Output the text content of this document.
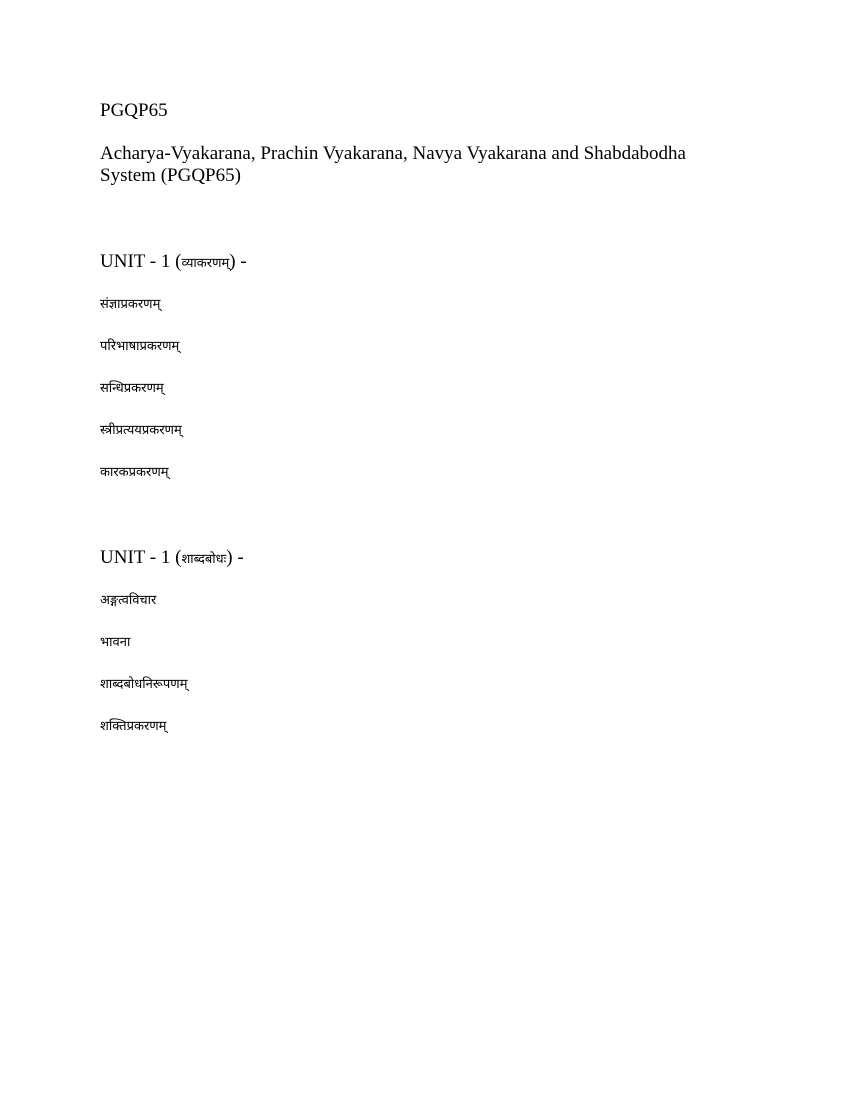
PGQP65
Acharya-Vyakarana, Prachin Vyakarana, Navya Vyakarana and Shabdabodha System (PGQP65)
UNIT - 1 (व्याकरणम्) -
संज्ञाप्रकरणम्
परिभाषाप्रकरणम्
सन्धिप्रकरणम्
स्त्रीप्रत्ययप्रकरणम्
कारकप्रकरणम्
UNIT - 1 (शाब्दबोधः) -
अङ्गत्वविचार
भावना
शाब्दबोधनिरूपणम्
शक्तिप्रकरणम्
